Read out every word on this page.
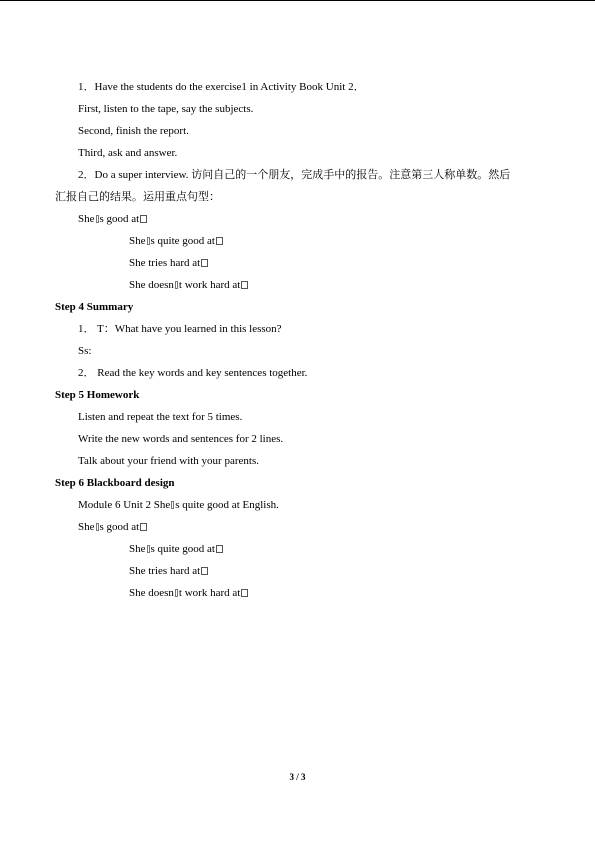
1．Have the students do the exercise1 in Activity Book Unit 2．
First, listen to the tape, say the subjects.
Second, finish the report.
Third, ask and answer.
2．Do a super interview. 访问自己的一个朋友，完成手中的报告。注意第三人称单数。然后汇报自己的结果。运用重点句型：
She s good at
She s quite good at
She tries hard at
She doesn t work hard at
Step 4 Summary
1． T：What have you learned in this lesson?
Ss:
2． Read the key words and key sentences together.
Step 5 Homework
Listen and repeat the text for 5 times.
Write the new words and sentences for 2 lines.
Talk about your friend with your parents.
Step 6 Blackboard design
Module 6 Unit 2 She s quite good at English.
She s good at
She s quite good at
She tries hard at
She doesn t work hard at
3 / 3
